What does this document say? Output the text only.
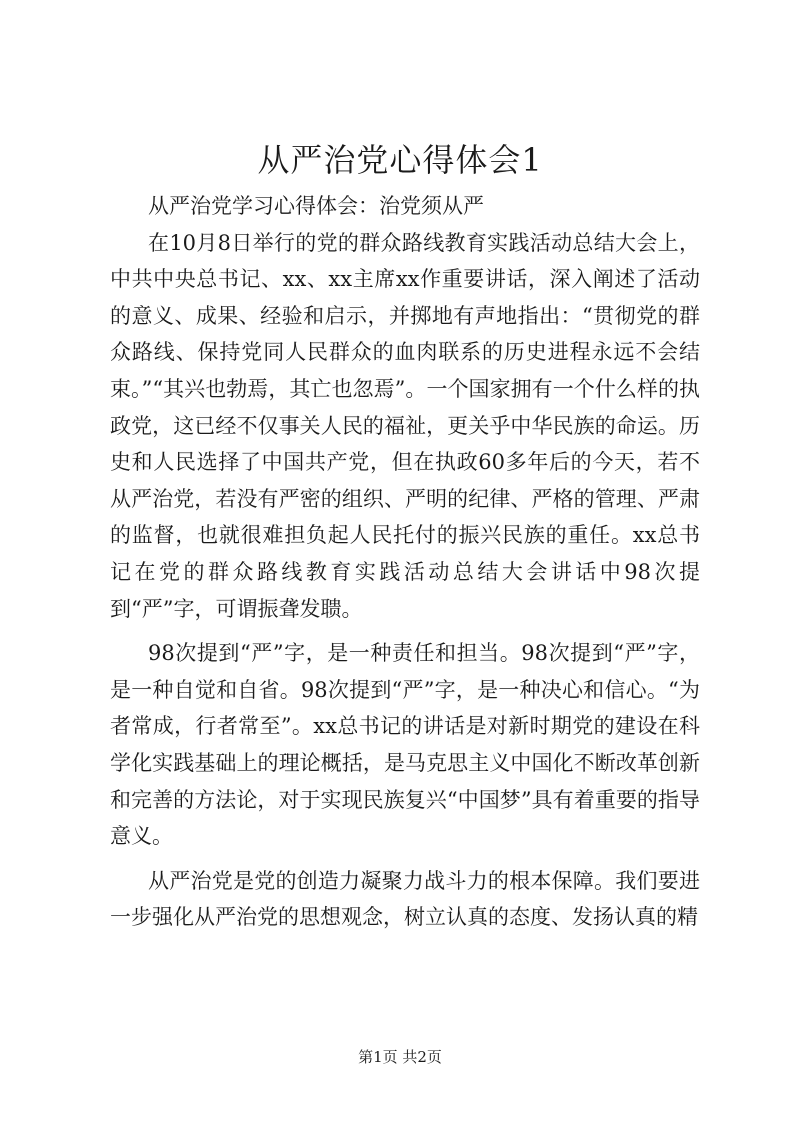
从严治党心得体会1

从严治党学习心得体会：治党须从严

在10月8日举行的党的群众路线教育实践活动总结大会上，中共中央总书记、xx、xx主席xx作重要讲话，深入阐述了活动的意义、成果、经验和启示，并掷地有声地指出：“贯彻党的群众路线、保持党同人民群众的血肉联系的历史进程永远不会结束。”“其兴也勃焉，其亡也忽焉”。一个国家拥有一个什么样的执政党，这已经不仅事关人民的福祉，更关乎中华民族的命运。历史和人民选择了中国共产党，但在执政60多年后的今天，若不从严治党，若没有严密的组织、严明的纪律、严格的管理、严肃的监督，也就很难担负起人民托付的振兴民族的重任。xx总书记在党的群众路线教育实践活动总结大会讲话中98次提到“严”字，可谓振聋发聩。

98次提到“严”字，是一种责任和担当。98次提到“严”字，是一种自觉和自省。98次提到“严”字，是一种决心和信心。“为者常成，行者常至”。xx总书记的讲话是对新时期党的建设在科学化实践基础上的理论概括，是马克思主义中国化不断改革创新和完善的方法论，对于实现民族复兴“中国梦”具有着重要的指导意义。

从严治党是党的创造力凝聚力战斗力的根本保障。我们要进一步强化从严治党的思想观念，树立认真的态度、发扬认真的精

第1页 共2页
